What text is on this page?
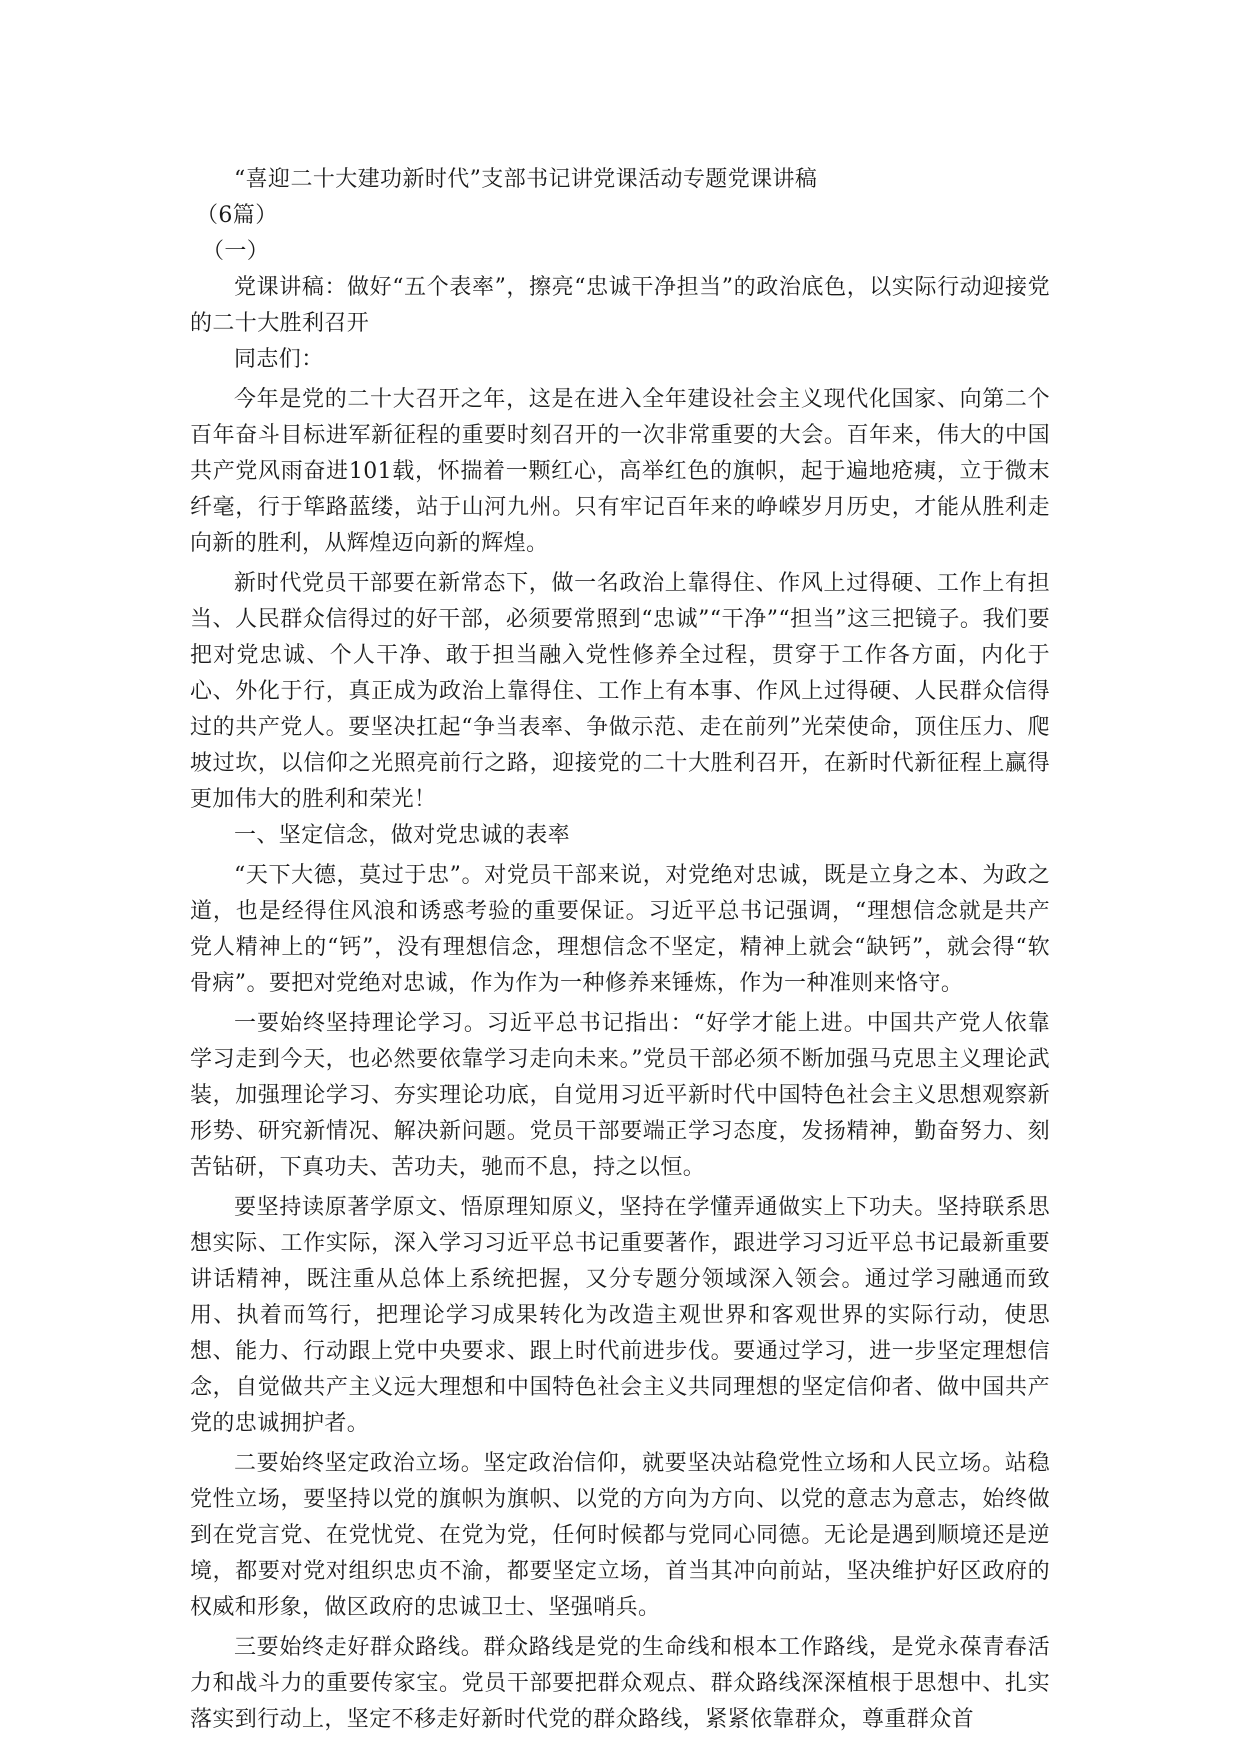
“喜迎二十大建功新时代”支部书记讲党课活动专题党课讲稿
（6篇）
（一）
党课讲稿：做好“五个表率”，擦亮“忠诚干净担当”的政治底色，以实际行动迎接党的二十大胜利召开
同志们：
今年是党的二十大召开之年，这是在进入全年建设社会主义现代化国家、向第二个百年奋斗目标进军新征程的重要时刻召开的一次非常重要的大会。百年来，伟大的中国共产党风雨奋进101载，怀揣着一颗红心，高举红色的旗帜，起于遍地疮痍，立于微末纤毫，行于筚路蓝缕，站于山河九州。只有牢记百年来的峥嵘岁月历史，才能从胜利走向新的胜利，从辉煌迈向新的辉煌。
新时代党员干部要在新常态下，做一名政治上靠得住、作风上过得硬、工作上有担当、人民群众信得过的好干部，必须要常照到“忠诚”“干净”“担当”这三把镜子。我们要把对党忠诚、个人干净、敢于担当融入党性修养全过程，贯穿于工作各方面，内化于心、外化于行，真正成为政治上靠得住、工作上有本事、作风上过得硬、人民群众信得过的共产党人。要坚决扛起“争当表率、争做示范、走在前列”光荣使命，顶住压力、爬坡过坎，以信仰之光照亮前行之路，迎接党的二十大胜利召开，在新时代新征程上赢得更加伟大的胜利和荣光！
一、坚定信念，做对党忠诚的表率
“天下大德，莫过于忠”。对党员干部来说，对党绝对忠诚，既是立身之本、为政之道，也是经得住风浪和诱惑考验的重要保证。习近平总书记强调，“理想信念就是共产党人精神上的“钙”，没有理想信念，理想信念不坚定，精神上就会“缺钙”，就会得“软骨病”。要把对党绝对忠诚，作为作为一种修养来锤炼，作为一种准则来恪守。
一要始终坚持理论学习。习近平总书记指出：“好学才能上进。中国共产党人依靠学习走到今天，也必然要依靠学习走向未来。”党员干部必须不断加强马克思主义理论武装，加强理论学习、夯实理论功底，自觉用习近平新时代中国特色社会主义思想观察新形势、研究新情况、解决新问题。党员干部要端正学习态度，发扬精神，勤奋努力、刻苦钻研，下真功夫、苦功夫，驰而不息，持之以恒。
要坚持读原著学原文、悟原理知原义，坚持在学懂弄通做实上下功夫。坚持联系思想实际、工作实际，深入学习习近平总书记重要著作，跟进学习习近平总书记最新重要讲话精神，既注重从总体上系统把握，又分专题分领域深入领会。通过学习融通而致用、执着而笃行，把理论学习成果转化为改造主观世界和客观世界的实际行动，使思想、能力、行动跟上党中央要求、跟上时代前进步伐。要通过学习，进一步坚定理想信念，自觉做共产主义远大理想和中国特色社会主义共同理想的坚定信仰者、做中国共产党的忠诚拥护者。
二要始终坚定政治立场。坚定政治信仰，就要坚决站稳党性立场和人民立场。站稳党性立场，要坚持以党的旗帜为旗帜、以党的方向为方向、以党的意志为意志，始终做到在党言党、在党忧党、在党为党，任何时候都与党同心同德。无论是遇到顺境还是逆境，都要对党对组织忠贞不渝，都要坚定立场，首当其冲向前站，坚决维护好区政府的权威和形象，做区政府的忠诚卫士、坚强哨兵。
三要始终走好群众路线。群众路线是党的生命线和根本工作路线，是党永葆青春活力和战斗力的重要传家宝。党员干部要把群众观点、群众路线深深植根于思想中、扎实落实到行动上，坚定不移走好新时代党的群众路线，紧紧依靠群众，尊重群众首
